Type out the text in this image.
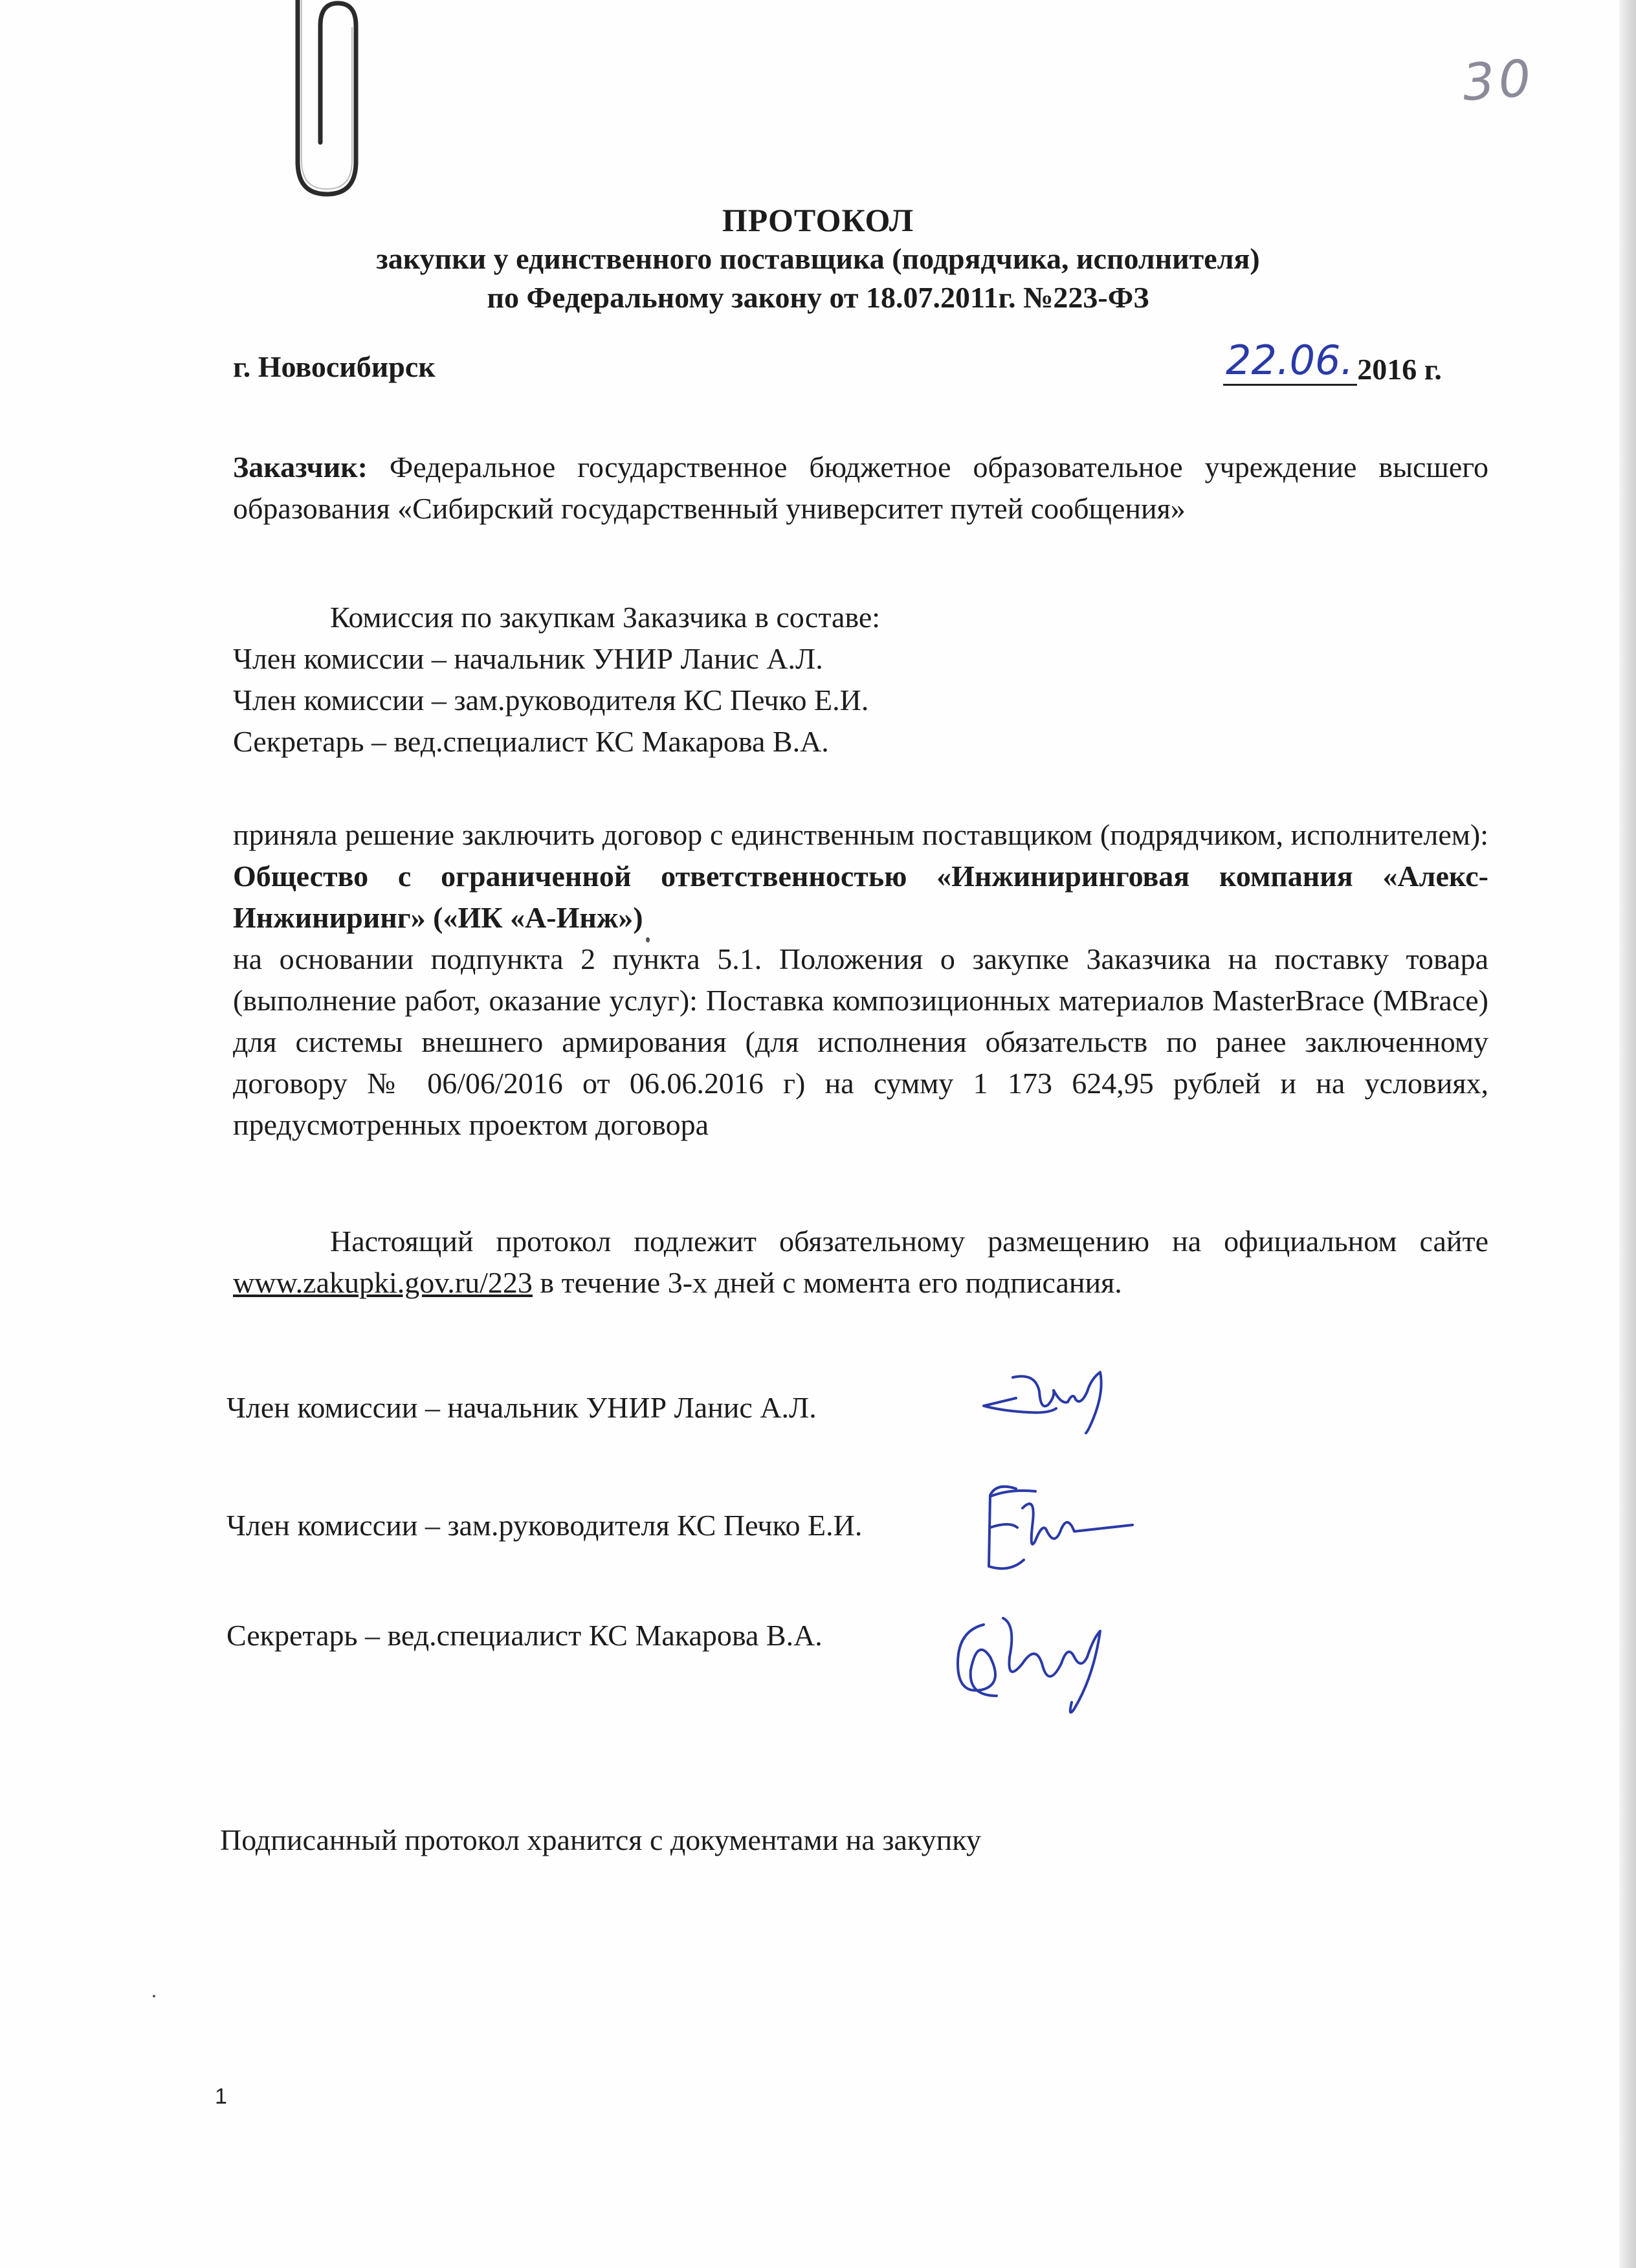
30
ПРОТОКОЛ
закупки у единственного поставщика (подрядчика, исполнителя)
по Федеральному закону от 18.07.2011г. №223-ФЗ
г. Новосибирск	22.06. 2016 г.
Заказчик: Федеральное государственное бюджетное образовательное учреждение высшего образования «Сибирский государственный университет путей сообщения»
Комиссия по закупкам Заказчика в составе:
Член комиссии – начальник УНИР Ланис А.Л.
Член комиссии – зам.руководителя КС Печко Е.И.
Секретарь – вед.специалист КС Макарова В.А.
приняла решение заключить договор с единственным поставщиком (подрядчиком, исполнителем): Общество с ограниченной ответственностью «Инжиниринговая компания «Алекс-Инжиниринг» («ИК «А-Инж»)
на основании подпункта 2 пункта 5.1. Положения о закупке Заказчика на поставку товара (выполнение работ, оказание услуг): Поставка композиционных материалов MasterBrace (MBrace) для системы внешнего армирования (для исполнения обязательств по ранее заключенному договору № 06/06/2016 от 06.06.2016 г) на сумму 1 173 624,95 рублей и на условиях, предусмотренных проектом договора
Настоящий протокол подлежит обязательному размещению на официальном сайте www.zakupki.gov.ru/223 в течение 3-х дней с момента его подписания.
Член комиссии – начальник УНИР Ланис А.Л.
Член комиссии – зам.руководителя КС Печко Е.И.
Секретарь – вед.специалист КС Макарова В.А.
Подписанный протокол хранится с документами на закупку
1
